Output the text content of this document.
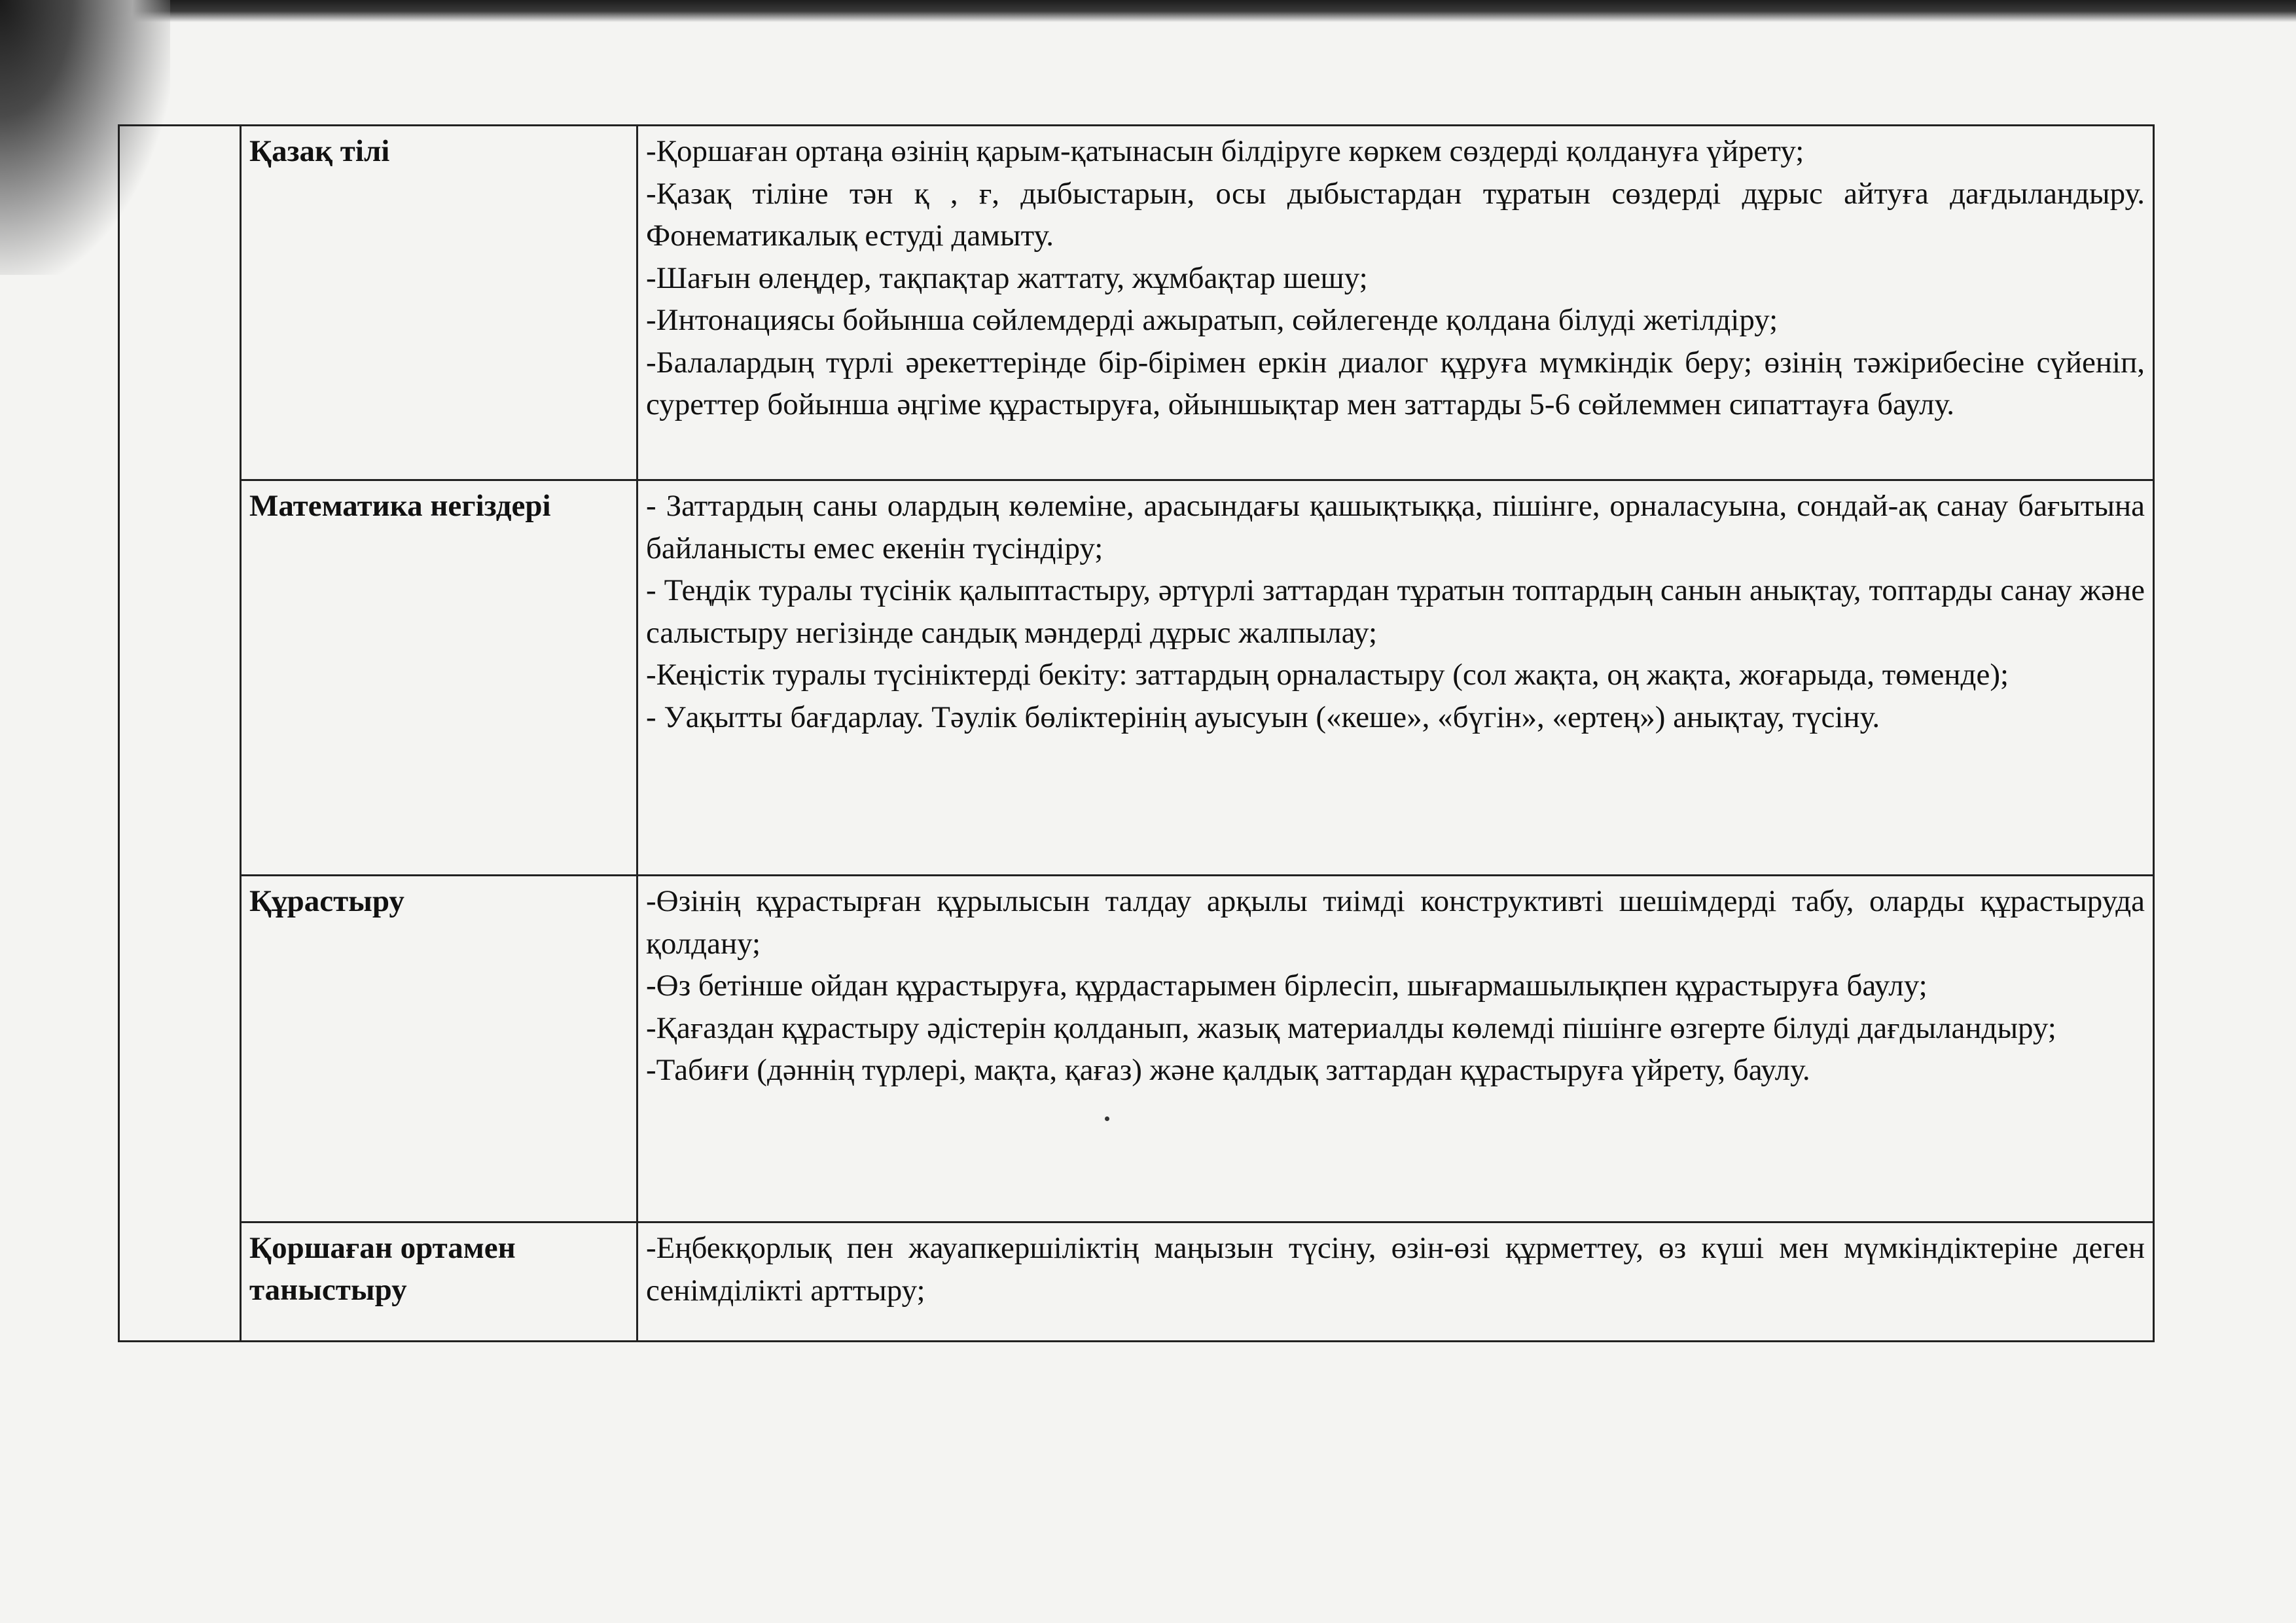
	Қазақ тілі	-Қоршаған ортаңа өзінің қарым-қатынасын білдіруге көркем сөздерді қолдануға үйрету;

-Қазақ тіліне тән қ , ғ, дыбыстарын, осы дыбыстардан тұратын сөздерді дұрыс айтуға дағдыландыру. Фонематикалық естуді дамыту.

-Шағын өлеңдер, тақпақтар жаттату, жұмбақтар шешу;

-Интонациясы бойынша сөйлемдерді ажыратып, сөйлегенде қолдана білуді жетілдіру;

-Балалардың түрлі әрекеттерінде бір-бірімен еркін диалог құруға мүмкіндік беру; өзінің тәжірибесіне сүйеніп, суреттер бойынша әңгіме құрастыруға, ойыншықтар мен заттарды 5-6 сөйлеммен сипаттауға баулу.

	Математика негіздері	- Заттардың саны олардың көлеміне, арасындағы қашықтыққа, пішінге, орналасуына, сондай-ақ санау бағытына байланысты емес екенін түсіндіру;

- Теңдік туралы түсінік қалыптастыру, әртүрлі заттардан тұратын топтардың санын анықтау, топтарды санау және салыстыру негізінде сандық мәндерді дұрыс жалпылау;

-Кеңістік туралы түсініктерді бекіту: заттардың орналастыру (сол жақта, оң жақта, жоғарыда, төменде);

- Уақытты бағдарлау. Тәулік бөліктерінің ауысуын («кеше», «бүгін», «ертең») анықтау, түсіну.

	Құрастыру	-Өзінің құрастырған құрылысын талдау арқылы тиімді конструктивті шешімдерді табу, оларды құрастыруда қолдану;

-Өз бетінше ойдан құрастыруға, құрдастарымен бірлесіп, шығармашылықпен құрастыруға баулу;

-Қағаздан құрастыру әдістерін қолданып, жазық материалды көлемді пішінге өзгерте білуді дағдыландыру;

-Табиғи (дәннің түрлері, мақта, қағаз) және қалдық заттардан құрастыруға үйрету, баулу.

	Қоршаған ортамен таныстыру	-Еңбекқорлық пен жауапкершіліктің маңызын түсіну, өзін-өзі құрметтеу, өз күші мен мүмкіндіктеріне деген сенімділікті арттыру;
